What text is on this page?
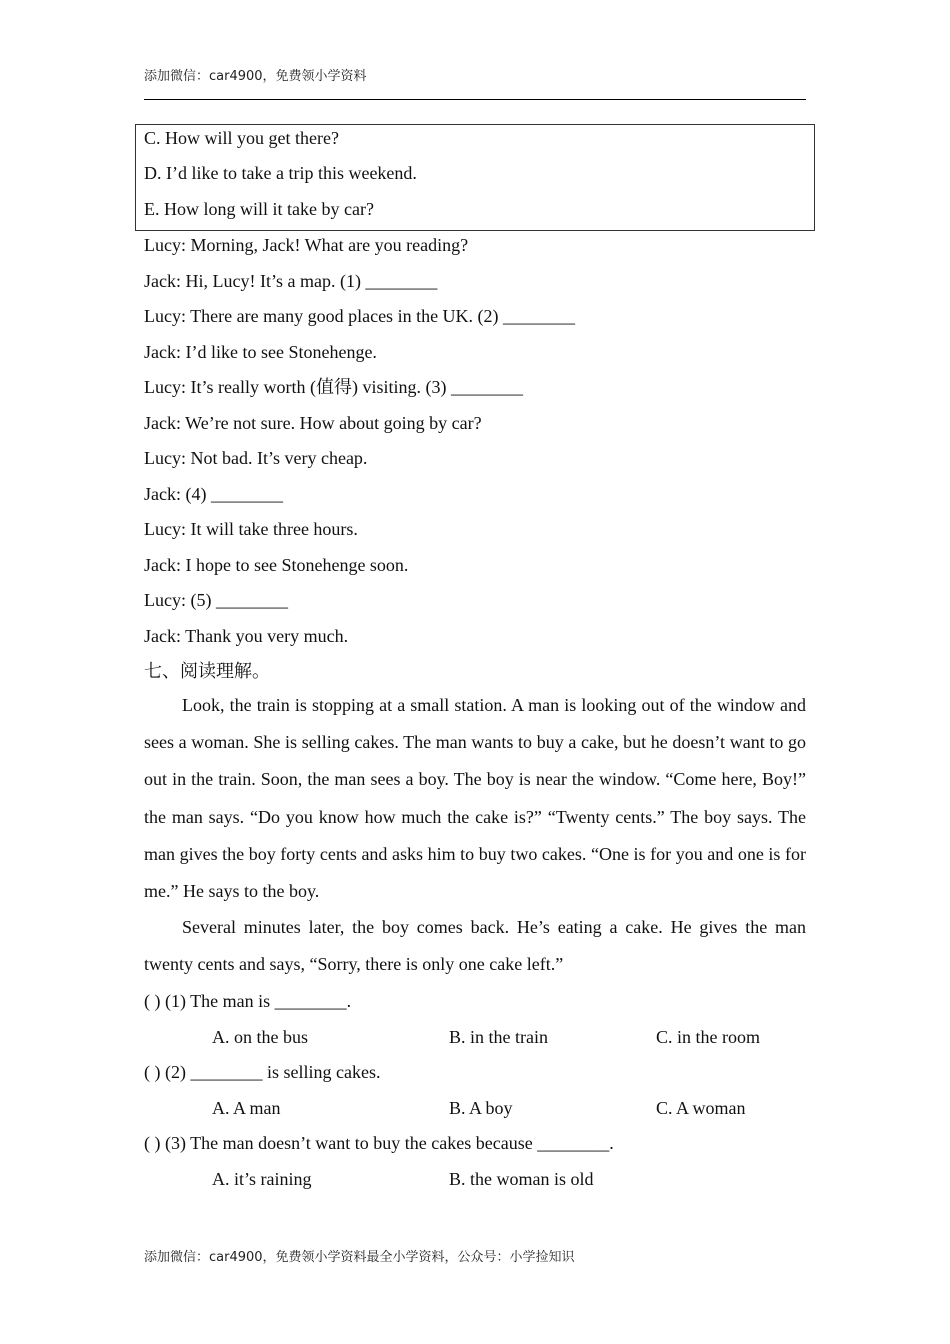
添加微信：car4900，免费领小学资料
C. How will you get there?
D. I’d like to take a trip this weekend.
E. How long will it take by car?
Lucy: Morning, Jack! What are you reading?
Jack: Hi, Lucy! It’s a map. (1) ________
Lucy: There are many good places in the UK. (2) ________
Jack: I’d like to see Stonehenge.
Lucy: It’s really worth (值得) visiting. (3) ________
Jack: We’re not sure. How about going by car?
Lucy: Not bad. It’s very cheap.
Jack: (4) ________
Lucy: It will take three hours.
Jack: I hope to see Stonehenge soon.
Lucy: (5) ________
Jack: Thank you very much.
七、阅读理解。
Look, the train is stopping at a small station. A man is looking out of the window and sees a woman. She is selling cakes. The man wants to buy a cake, but he doesn’t want to go out in the train. Soon, the man sees a boy. The boy is near the window. “Come here, Boy!” the man says. “Do you know how much the cake is?” “Twenty cents.” The boy says. The man gives the boy forty cents and asks him to buy two cakes. “One is for you and one is for me.” He says to the boy.
Several minutes later, the boy comes back. He’s eating a cake. He gives the man twenty cents and says, “Sorry, there is only one cake left.”
( ) (1) The man is ________.
A. on the bus	B. in the train	C. in the room
( ) (2) ________ is selling cakes.
A. A man	B. A boy	C. A woman
( ) (3) The man doesn’t want to buy the cakes because ________.
A. it’s raining	B. the woman is old
添加微信：car4900，免费领小学资料最全小学资料，公众号：小学捡知识
